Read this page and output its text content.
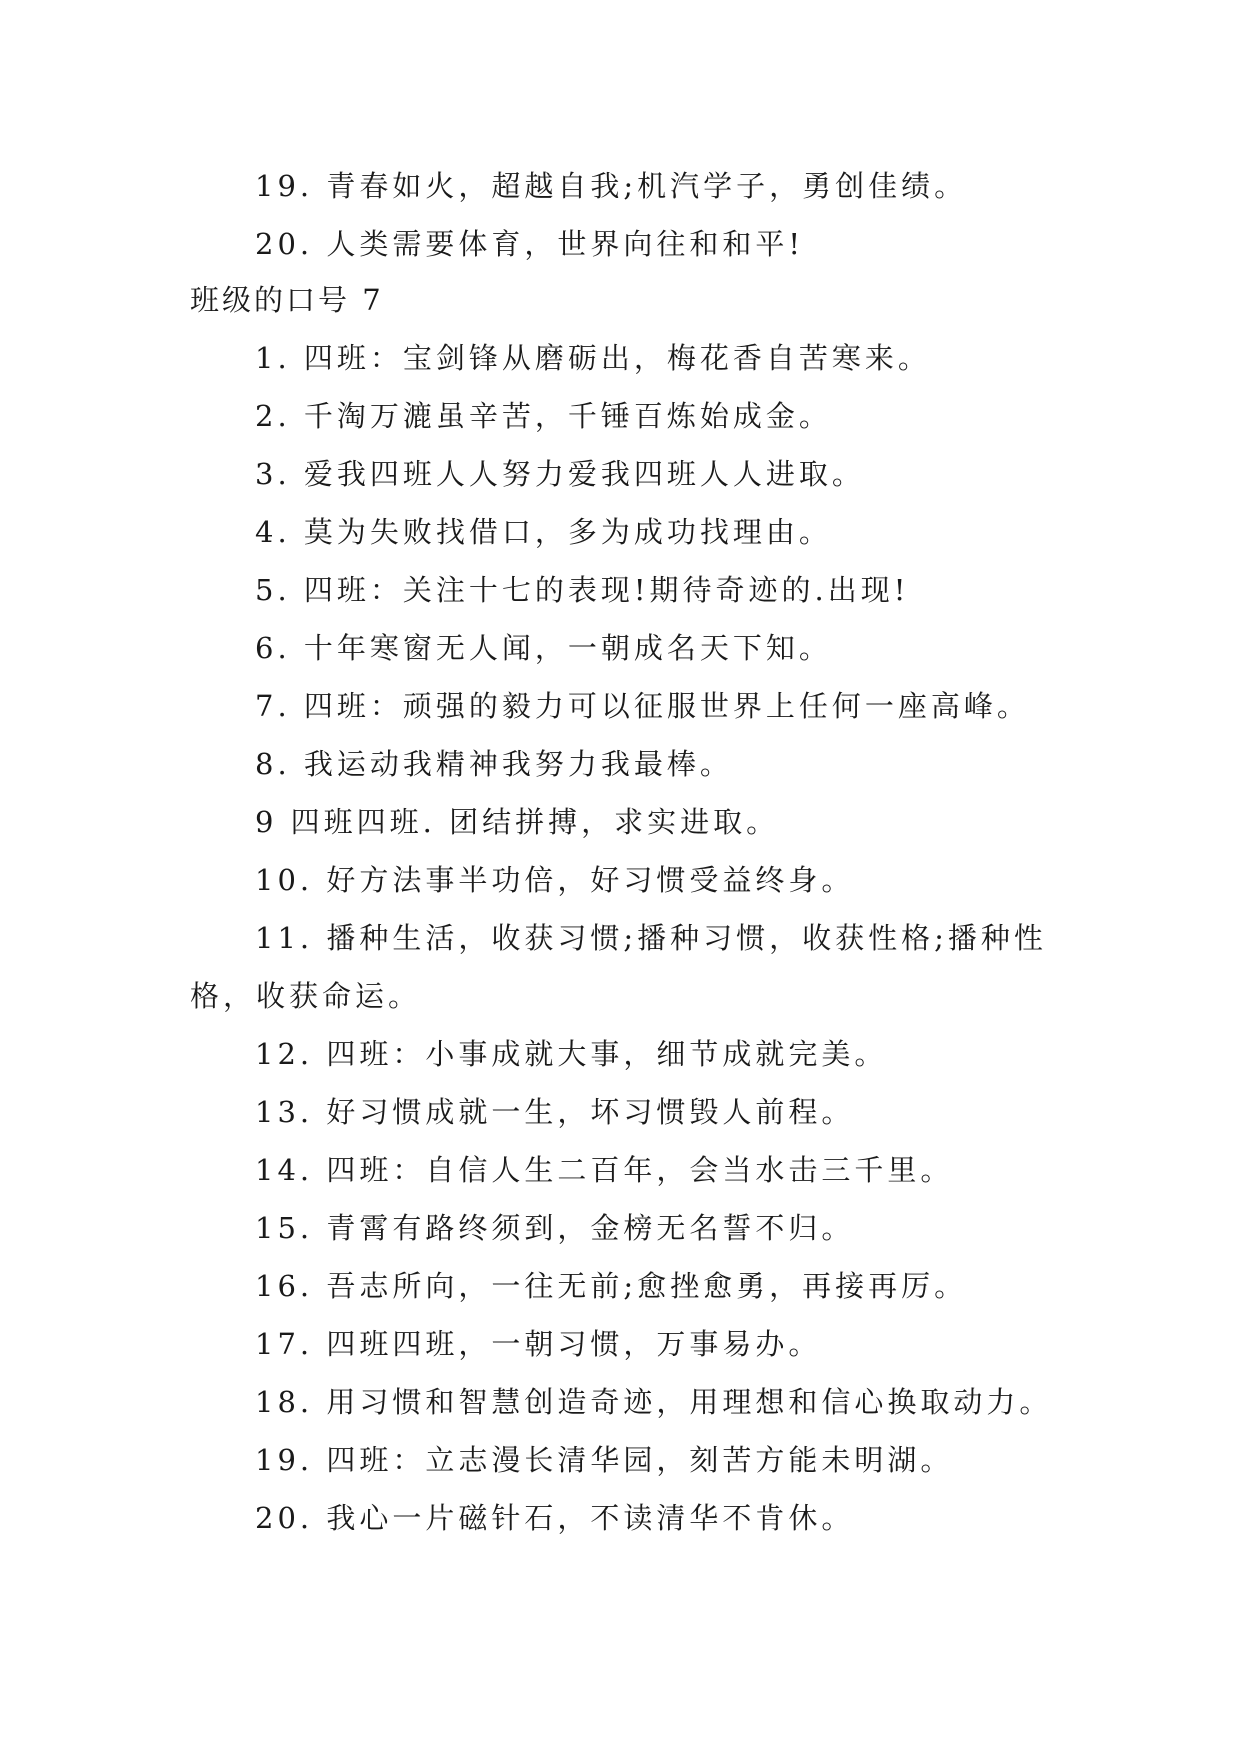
19. 青春如火，超越自我;机汽学子，勇创佳绩。
20. 人类需要体育，世界向往和和平!
班级的口号 7
1. 四班：宝剑锋从磨砺出，梅花香自苦寒来。
2. 千淘万漉虽辛苦，千锤百炼始成金。
3. 爱我四班人人努力爱我四班人人进取。
4. 莫为失败找借口，多为成功找理由。
5. 四班：关注十七的表现!期待奇迹的.出现!
6. 十年寒窗无人闻，一朝成名天下知。
7. 四班：顽强的毅力可以征服世界上任何一座高峰。
8. 我运动我精神我努力我最棒。
9 四班四班. 团结拼搏，求实进取。
10. 好方法事半功倍，好习惯受益终身。
11. 播种生活，收获习惯;播种习惯，收获性格;播种性
格，收获命运。
12. 四班：小事成就大事，细节成就完美。
13. 好习惯成就一生，坏习惯毁人前程。
14. 四班：自信人生二百年，会当水击三千里。
15. 青霄有路终须到，金榜无名誓不归。
16. 吾志所向，一往无前;愈挫愈勇，再接再厉。
17. 四班四班，一朝习惯，万事易办。
18. 用习惯和智慧创造奇迹，用理想和信心换取动力。
19. 四班：立志漫长清华园，刻苦方能未明湖。
20. 我心一片磁针石，不读清华不肯休。
